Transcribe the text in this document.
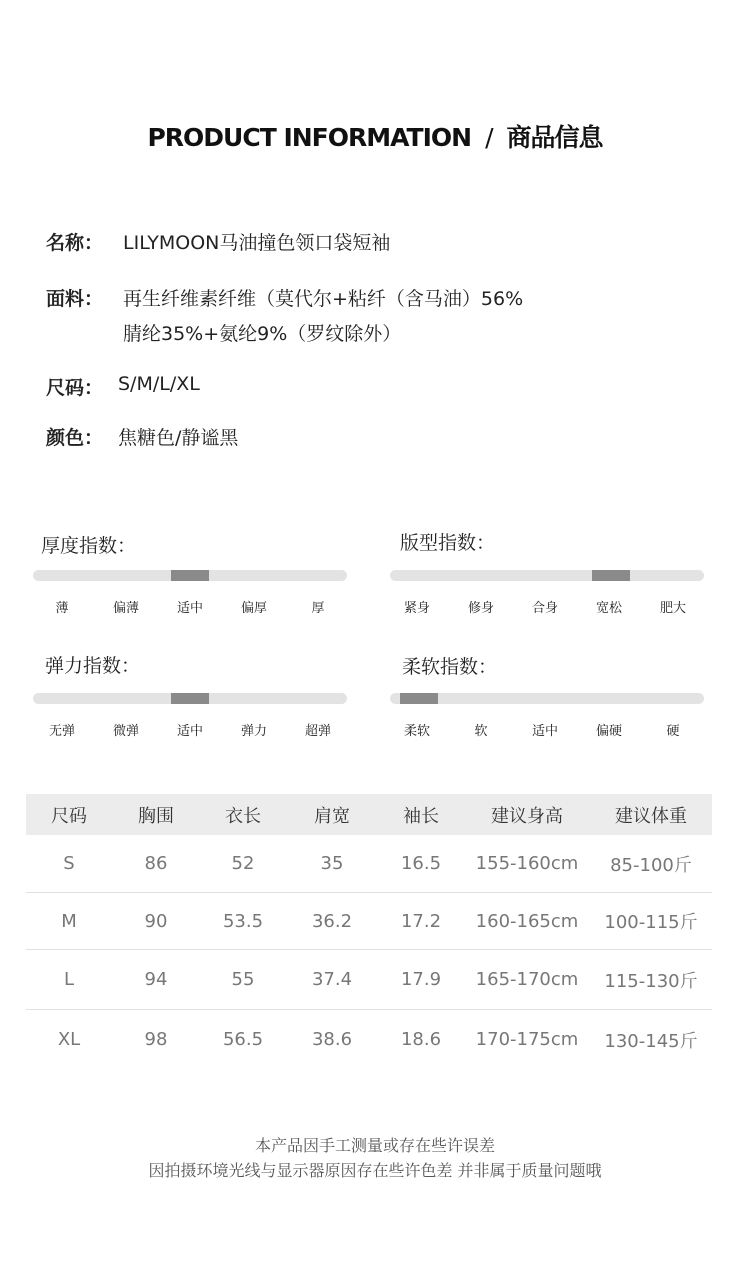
PRODUCT INFORMATION / 商品信息
名称： LILYMOON马油撞色领口袋短袖
面料： 再生纤维素纤维（莫代尔+粘纤（含马油）56%
腈纶35%+氨纶9%（罗纹除外）
尺码： S/M/L/XL
颜色： 焦糖色/静谧黑
厚度指数：
薄	偏薄	适中	偏厚	厚
版型指数：
紧身	修身	合身	宽松	肥大
弹力指数：
无弹	微弹	适中	弹力	超弹
柔软指数：
柔软	软	适中	偏硬	硬
尺码	胸围	衣长	肩宽	袖长	建议身高	建议体重
S	86	52	35	16.5	155-160cm	85-100斤
M	90	53.5	36.2	17.2	160-165cm	100-115斤
L	94	55	37.4	17.9	165-170cm	115-130斤
XL	98	56.5	38.6	18.6	170-175cm	130-145斤
本产品因手工测量或存在些许误差
因拍摄环境光线与显示器原因存在些许色差 并非属于质量问题哦
